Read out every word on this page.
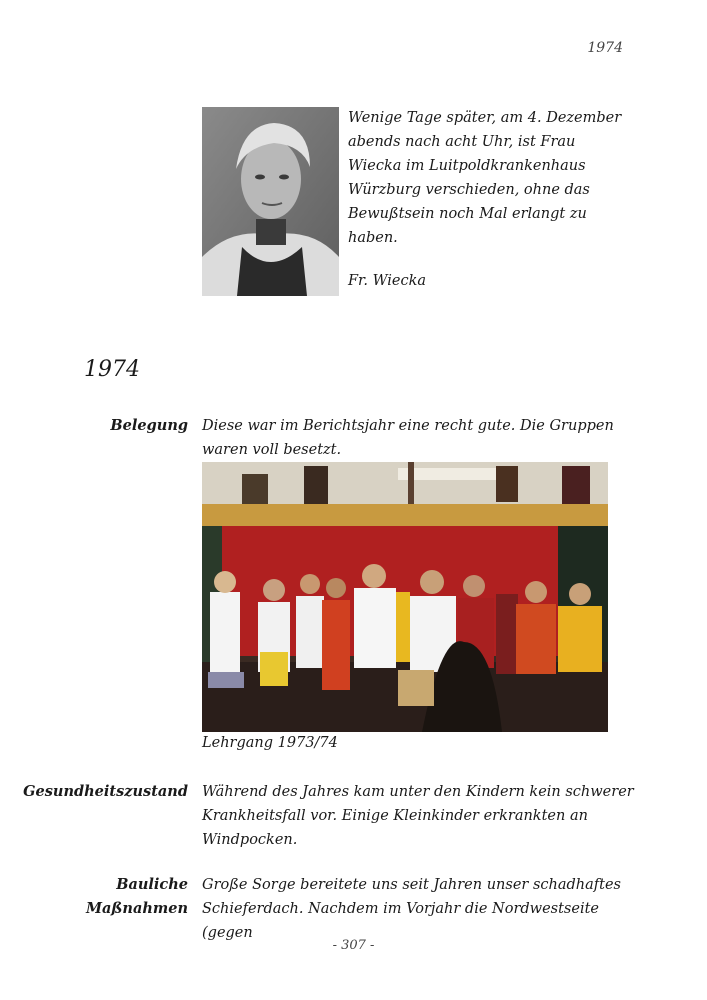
1974
Wenige Tage später, am 4. Dezember
abends nach acht Uhr, ist Frau
Wiecka im Luitpoldkrankenhaus
Würzburg verschieden, ohne das
Bewußtsein noch Mal erlangt zu
haben.
Fr. Wiecka
1974
Belegung Diese war im Berichtsjahr eine recht gute. Die Gruppen
waren voll besetzt.
Lehrgang 1973/74
Gesundheitszustand Während des Jahres kam unter den Kindern kein schwerer
Krankheitsfall vor. Einige Kleinkinder erkrankten an
Windpocken.
Bauliche
Maßnahmen
Große Sorge bereitete uns seit Jahren unser schadhaftes
Schieferdach. Nachdem im Vorjahr die Nordwestseite (gegen
- 307 -
